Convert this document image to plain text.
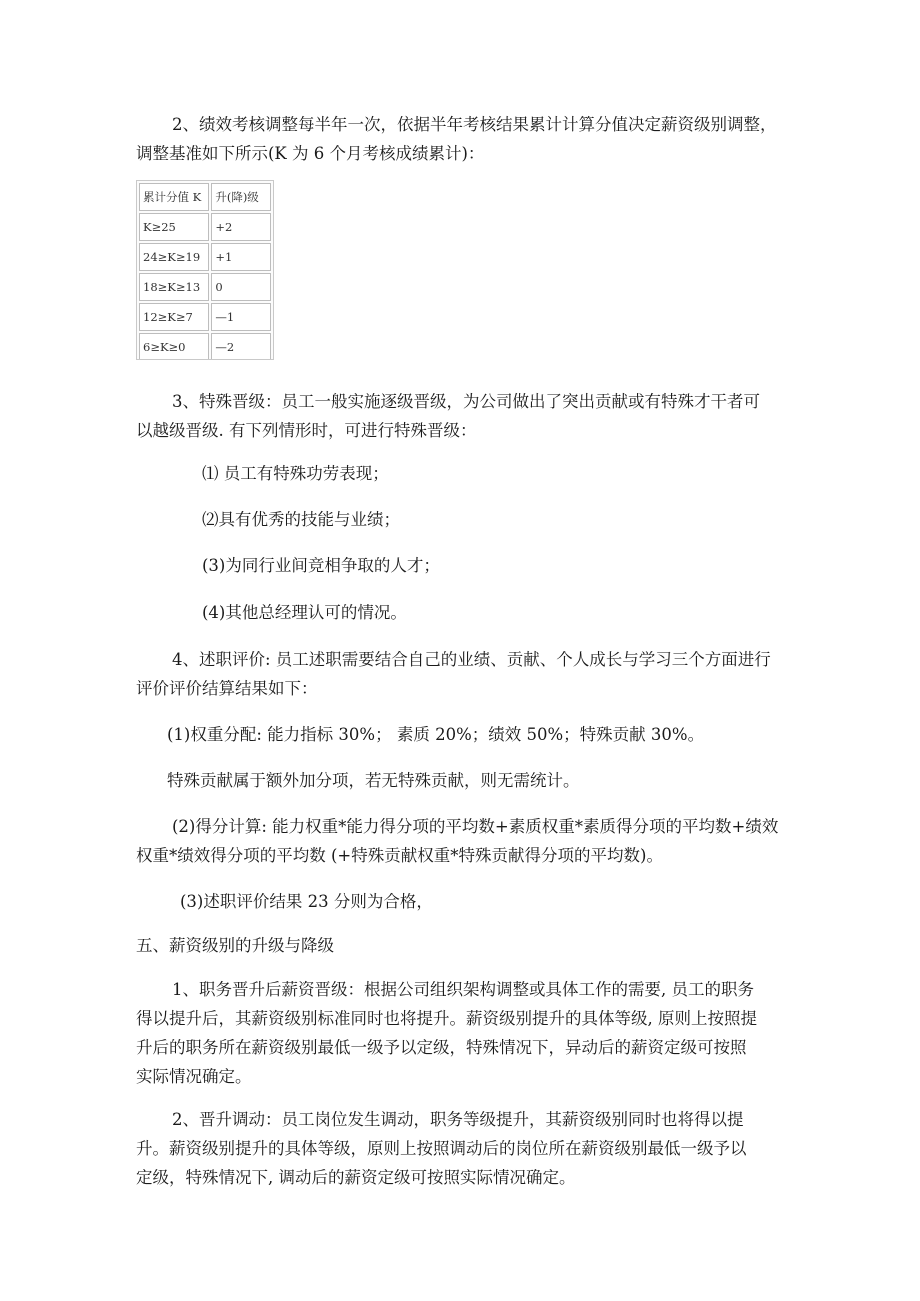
2、绩效考核调整每半年一次，依据半年考核结果累计计算分值决定薪资级别调整，

调整基准如下所示(K 为 6 个月考核成绩累计)：

累计分值 K	升(降)级
K≥25	+2
24≥K≥19	+1
18≥K≥13	0
12≥K≥7	—1
6≥K≥0	—2

3、特殊晋级：员工一般实施逐级晋级，为公司做出了突出贡献或有特殊才干者可

以越级晋级. 有下列情形时，可进行特殊晋级：

⑴ 员工有特殊功劳表现；

⑵具有优秀的技能与业绩；

(3)为同行业间竞相争取的人才；

(4)其他总经理认可的情况。

4、述职评价: 员工述职需要结合自己的业绩、贡献、个人成长与学习三个方面进行

评价评价结算结果如下：

(1)权重分配: 能力指标 30%； 素质 20%；绩效 50%；特殊贡献 30%。

特殊贡献属于额外加分项，若无特殊贡献，则无需统计。

(2)得分计算: 能力权重*能力得分项的平均数+素质权重*素质得分项的平均数+绩效

权重*绩效得分项的平均数 (+特殊贡献权重*特殊贡献得分项的平均数)。

(3)述职评价结果 23 分则为合格，

五、薪资级别的升级与降级

1、职务晋升后薪资晋级：根据公司组织架构调整或具体工作的需要, 员工的职务

得以提升后，其薪资级别标准同时也将提升。薪资级别提升的具体等级, 原则上按照提

升后的职务所在薪资级别最低一级予以定级，特殊情况下，异动后的薪资定级可按照

实际情况确定。

2、晋升调动：员工岗位发生调动，职务等级提升，其薪资级别同时也将得以提

升。薪资级别提升的具体等级，原则上按照调动后的岗位所在薪资级别最低一级予以

定级，特殊情况下, 调动后的薪资定级可按照实际情况确定。
